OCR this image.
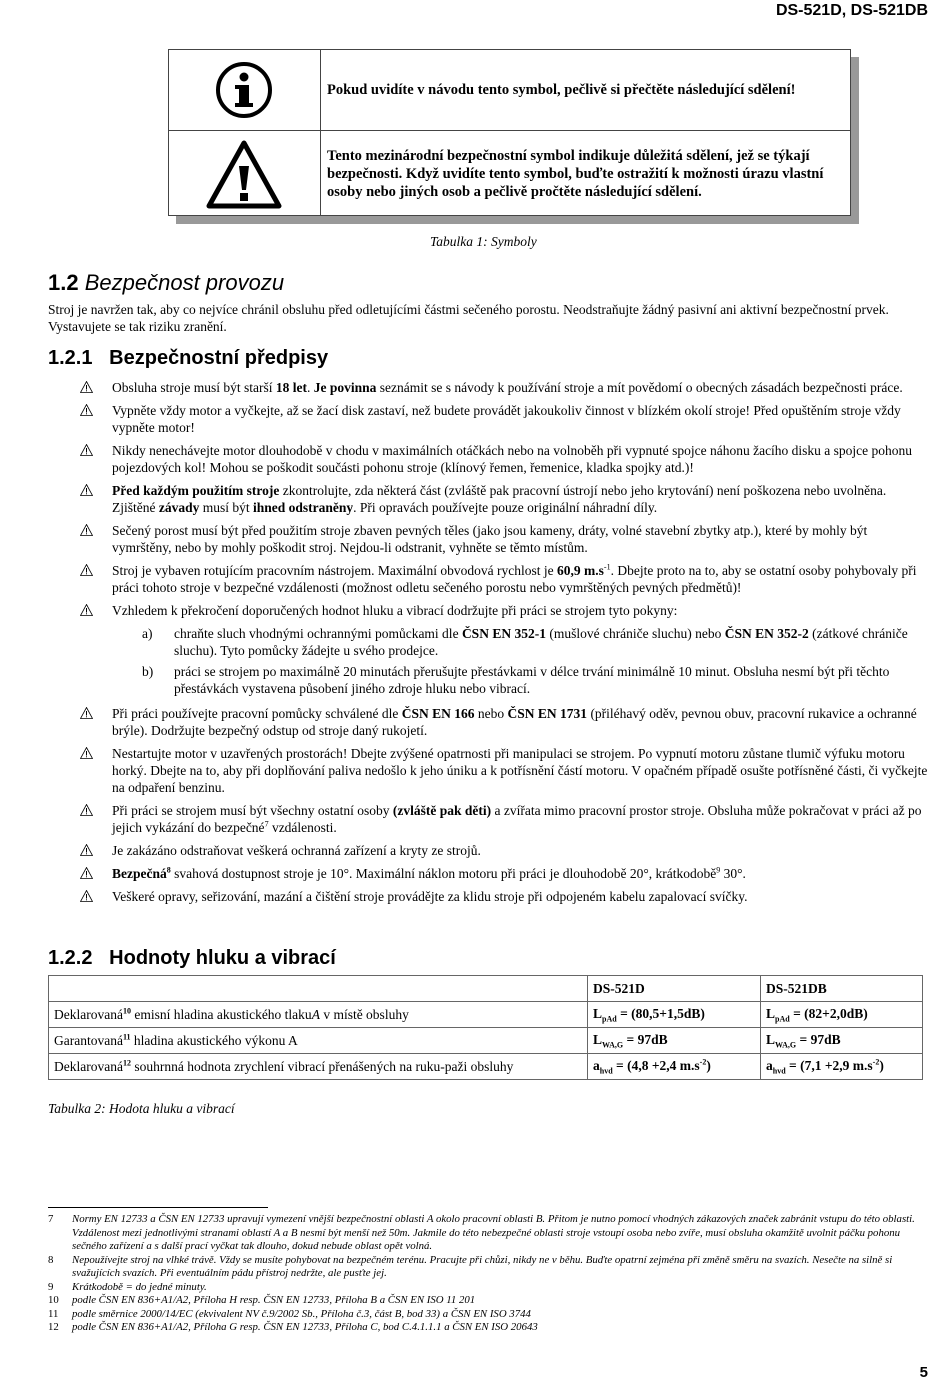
DS-521D, DS-521DB
Pokud uvidíte v návodu tento symbol, pečlivě si přečtěte následující sdělení!
Tento mezinárodní bezpečnostní symbol indikuje důležitá sdělení, jež se týkají bezpečnosti. Když uvidíte tento symbol, buďte ostražití k možnosti úrazu vlastní osoby nebo jiných osob a pečlivě pročtěte následující sdělení.
Tabulka 1: Symboly
1.2 Bezpečnost provozu
Stroj je navržen tak, aby co nejvíce chránil obsluhu před odletujícími částmi sečeného porostu. Neodstraňujte žádný pasivní ani aktivní bezpečnostní prvek. Vystavujete se tak riziku zranění.
1.2.1 Bezpečnostní předpisy
Obsluha stroje musí být starší 18 let. Je povinna seznámit se s návody k používání stroje a mít povědomí o obecných zásadách bezpečnosti práce.
Vypněte vždy motor a vyčkejte, až se žací disk zastaví, než budete provádět jakoukoliv činnost v blízkém okolí stroje! Před opuštěním stroje vždy vypněte motor!
Nikdy nenechávejte motor dlouhodobě v chodu v maximálních otáčkách nebo na volnoběh při vypnuté spojce náhonu žacího disku a spojce pohonu pojezdových kol! Mohou se poškodit součásti pohonu stroje (klínový řemen, řemenice, kladka spojky atd.)!
Před každým použitím stroje zkontrolujte, zda některá část (zvláště pak pracovní ústrojí nebo jeho krytování) není poškozena nebo uvolněna. Zjištěné závady musí být ihned odstraněny. Při opravách používejte pouze originální náhradní díly.
Sečený porost musí být před použitím stroje zbaven pevných těles (jako jsou kameny, dráty, volné stavební zbytky atp.), které by mohly být vymrštěny, nebo by mohly poškodit stroj. Nejdou-li odstranit, vyhněte se těmto místům.
Stroj je vybaven rotujícím pracovním nástrojem. Maximální obvodová rychlost je 60,9 $m.s^{-1}$. Dbejte proto na to, aby se ostatní osoby pohybovaly při práci tohoto stroje v bezpečné vzdálenosti (možnost odletu sečeného porostu nebo vymrštěných pevných předmětů)!
Vzhledem k překročení doporučených hodnot hluku a vibrací dodržujte při práci se strojem tyto pokyny:
a) chraňte sluch vhodnými ochrannými pomůckami dle ČSN EN 352-1 (mušlové chrániče sluchu) nebo ČSN EN 352-2 (zátkové chrániče sluchu). Tyto pomůcky žádejte u svého prodejce.
b) práci se strojem po maximálně 20 minutách přerušujte přestávkami v délce trvání minimálně 10 minut. Obsluha nesmí být při těchto přestávkách vystavena působení jiného zdroje hluku nebo vibrací.
Při práci používejte pracovní pomůcky schválené dle ČSN EN 166 nebo ČSN EN 1731 (přiléhavý oděv, pevnou obuv, pracovní rukavice a ochranné brýle). Dodržujte bezpečný odstup od stroje daný rukojetí.
Nestartujte motor v uzavřených prostorách! Dbejte zvýšené opatrnosti při manipulaci se strojem. Po vypnutí motoru zůstane tlumič výfuku motoru horký. Dbejte na to, aby při doplňování paliva nedošlo k jeho úniku a k potřísnění částí motoru. V opačném případě osušte potřísněné části, či vyčkejte na odpaření benzinu.
Při práci se strojem musí být všechny ostatní osoby (zvláště pak děti) a zvířata mimo pracovní prostor stroje. Obsluha může pokračovat v práci až po jejich vykázání do bezpečné$^7$ vzdálenosti.
Je zakázáno odstraňovat veškerá ochranná zařízení a kryty ze strojů.
Bezpečná$^8$ svahová dostupnost stroje je 10°. Maximální náklon motoru při práci je dlouhodobě 20°, krátkodobě$^9$ 30°.
Veškeré opravy, seřizování, mazání a čištění stroje provádějte za klidu stroje při odpojeném kabelu zapalovací svíčky.
1.2.2 Hodnoty hluku a vibrací
	DS-521D	DS-521DB
Deklarovaná$^{10}$ emisní hladina akustického tlakuA v místě obsluhy	$L_{pAd} = (80,5+1,5dB)$	$L_{pAd} = (82+2,0dB)$
Garantovaná$^{11}$ hladina akustického výkonu A	$L_{WA,G} = 97dB$	$L_{WA,G} = 97dB$
Deklarovaná$^{12}$ souhrnná hodnota zrychlení vibrací přenášených na ruku-paži obsluhy	$a_{hvd} = (4,8 +2,4$ $m.s^{-2}$)	$a_{hvd} = (7,1 +2,9$ $m.s^{-2}$)
Tabulka 2: Hodota hluku a vibrací
7 Normy EN 12733 a ČSN EN 12733 upravují vymezení vnější bezpečnostní oblasti A okolo pracovní oblasti B. Přitom je nutno pomocí vhodných zákazových značek zabránit vstupu do této oblasti. Vzdálenost mezi jednotlivými stranami oblastí A a B nesmí být menší než 50m. Jakmile do této nebezpečné oblasti stroje vstoupí osoba nebo zvíře, musí obsluha okamžitě uvolnit páčku pohonu sečného zařízení a s další prací vyčkat tak dlouho, dokud nebude oblast opět volná.
8 Nepoužívejte stroj na vlhké trávě. Vždy se musíte pohybovat na bezpečném terénu. Pracujte při chůzi, nikdy ne v běhu. Buďte opatrní zejména při změně směru na svazích. Nesečte na silně si svažujících svazích. Při eventuálním pádu přístroj nedržte, ale pusťte jej.
9 Krátkodobě = do jedné minuty.
10 podle ČSN EN 836+A1/A2, Příloha H resp. ČSN EN 12733, Příloha B a ČSN EN ISO 11 201
11 podle směrnice 2000/14/EC (ekvivalent NV č.9/2002 Sb., Příloha č.3, část B, bod 33) a ČSN EN ISO 3744
12 podle ČSN EN 836+A1/A2, Příloha G resp. ČSN EN 12733, Příloha C, bod C.4.1.1.1 a ČSN EN ISO 20643
5
